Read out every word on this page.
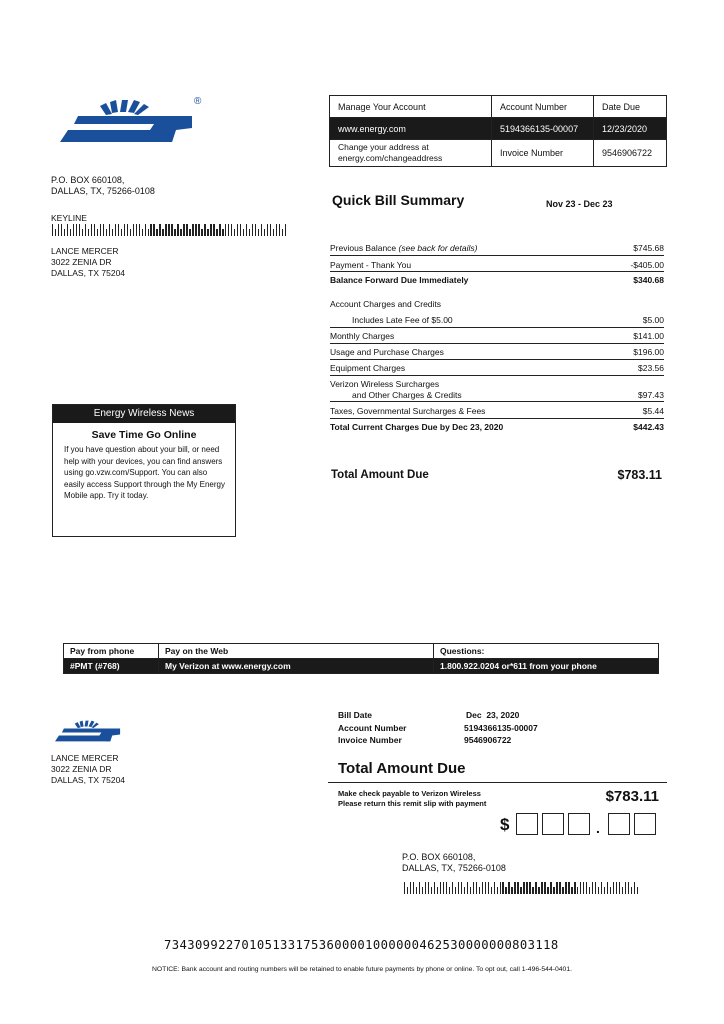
®
P.O. BOX 660108,
DALLAS, TX, 75266-0108
KEYLINE
LANCE MERCER
3022 ZENIA DR
DALLAS, TX 75204
Manage Your Account	Account Number	Date Due
www.energy.com	5194366135-00007	12/23/2020

Change your address at
energy.com/changeaddress	Invoice Number	9546906722
Quick Bill Summary	Nov 23 - Dec 23
Previous Balance (see back for details)	$745.68
Payment - Thank You	-$405.00
Balance Forward Due Immediately	$340.68
Account Charges and Credits
Includes Late Fee of $5.00	$5.00
Monthly Charges	$141.00
Usage and Purchase Charges	$196.00
Equipment Charges	$23.56
Verizon Wireless Surcharges
and Other Charges & Credits	$97.43
Taxes, Governmental Surcharges & Fees	$5.44
Total Current Charges Due by Dec 23, 2020	$442.43
Total Amount Due	$783.11
Energy Wireless News
Save Time Go Online
If you have question about your bill, or need help with your devices, you can find answers using go.vzw.com/Support. You can also easily access Support through the My Energy Mobile app. Try it today.
Pay from phone	Pay on the Web	Questions:
#PMT (#768)	My Verizon at www.energy.com	1.800.922.0204 or*611 from your phone
LANCE MERCER
3022 ZENIA DR
DALLAS, TX 75204
Bill Date	Dec  23, 2020
Account Number	5194366135-00007
Invoice Number	9546906722
Total Amount Due
Make check payable to Verizon Wireless
Please return this remit slip with payment	$783.11
$	.
P.O. BOX 660108,
DALLAS, TX, 75266-0108
734309922701051331753600001000000462530000000803118
NOTICE: Bank account and routing numbers will be retained to enable future payments by phone or online. To opt out, call 1-496-544-0401.
